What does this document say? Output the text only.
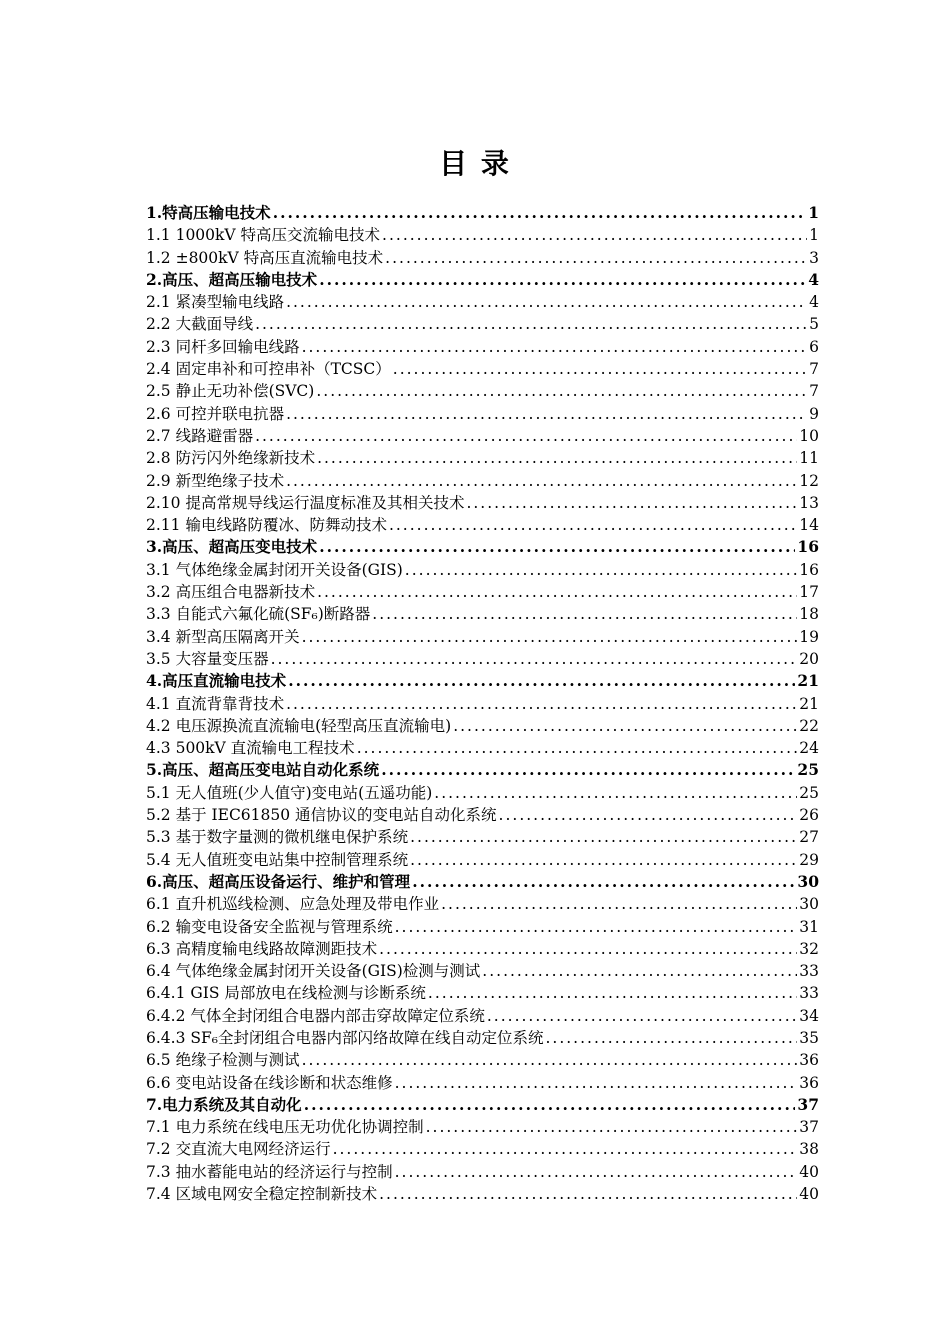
目 录
1.特高压输电技术 .....	1
1.1 1000kV 特高压交流输电技术 .....	1
1.2 ±800kV 特高压直流输电技术 .....	3
2.高压、超高压输电技术 .....	4
2.1 紧凑型输电线路 .....	4
2.2 大截面导线 .....	5
2.3 同杆多回输电线路 .....	6
2.4 固定串补和可控串补（TCSC） .....	7
2.5 静止无功补偿(SVC) .....	7
2.6 可控并联电抗器 .....	9
2.7 线路避雷器 .....	10
2.8 防污闪外绝缘新技术 .....	11
2.9 新型绝缘子技术 .....	12
2.10 提高常规导线运行温度标准及其相关技术 .....	13
2.11 输电线路防覆冰、防舞动技术 .....	14
3.高压、超高压变电技术 .....	16
3.1 气体绝缘金属封闭开关设备(GIS) .....	16
3.2 高压组合电器新技术 .....	17
3.3 自能式六氟化硫(SF₆)断路器 .....	18
3.4 新型高压隔离开关 .....	19
3.5 大容量变压器 .....	20
4.高压直流输电技术 .....	21
4.1 直流背靠背技术 .....	21
4.2 电压源换流直流输电(轻型高压直流输电) .....	22
4.3 500kV 直流输电工程技术 .....	24
5.高压、超高压变电站自动化系统 .....	25
5.1 无人值班(少人值守)变电站(五遥功能) .....	25
5.2 基于 IEC61850 通信协议的变电站自动化系统 .....	26
5.3 基于数字量测的微机继电保护系统 .....	27
5.4 无人值班变电站集中控制管理系统 .....	29
6.高压、超高压设备运行、维护和管理 .....	30
6.1 直升机巡线检测、应急处理及带电作业 .....	30
6.2 输变电设备安全监视与管理系统 .....	31
6.3 高精度输电线路故障测距技术 .....	32
6.4 气体绝缘金属封闭开关设备(GIS)检测与测试 .....	33
6.4.1 GIS 局部放电在线检测与诊断系统 .....	33
6.4.2 气体全封闭组合电器内部击穿故障定位系统 .....	34
6.4.3 SF₆全封闭组合电器内部闪络故障在线自动定位系统 .....	35
6.5 绝缘子检测与测试 .....	36
6.6 变电站设备在线诊断和状态维修 .....	36
7.电力系统及其自动化 .....	37
7.1 电力系统在线电压无功优化协调控制 .....	37
7.2 交直流大电网经济运行 .....	38
7.3 抽水蓄能电站的经济运行与控制 .....	40
7.4 区域电网安全稳定控制新技术 .....	40
